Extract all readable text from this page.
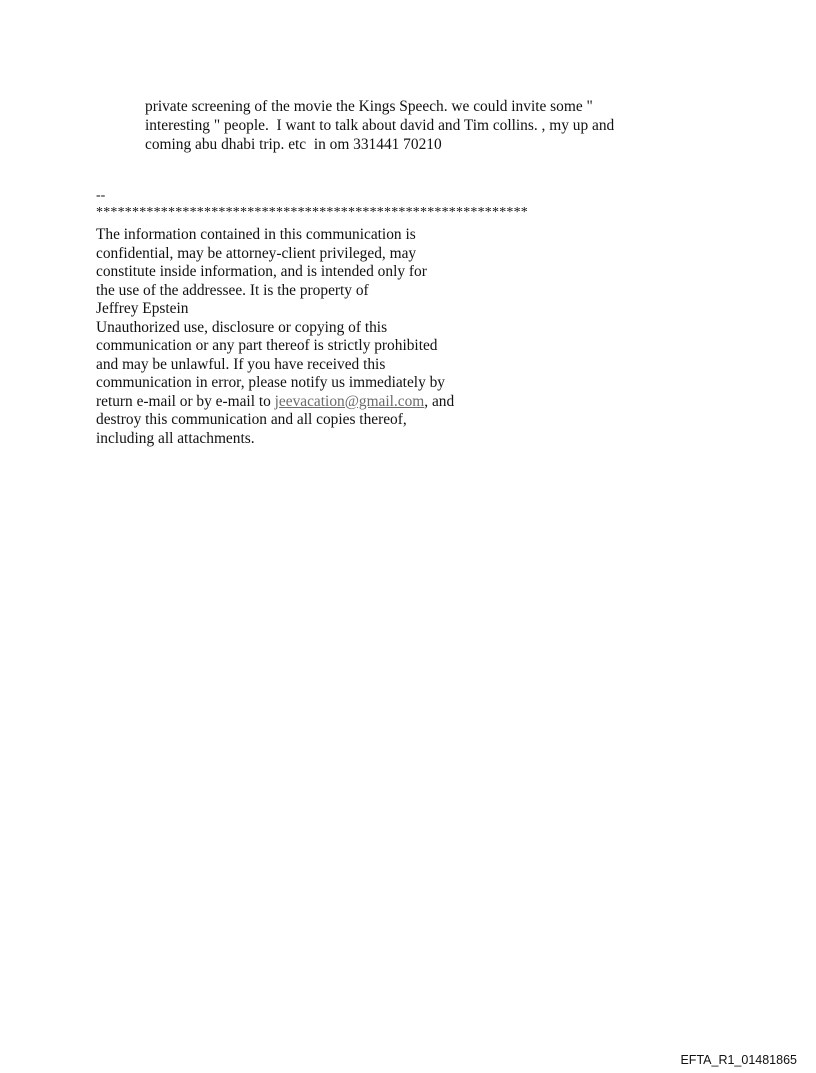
private screening of the movie the Kings Speech. we could invite some "
interesting " people.  I want to talk about david and Tim collins. , my up and
coming abu dhabi trip. etc  in om 331441 70210
--
************************************************************
The information contained in this communication is
confidential, may be attorney-client privileged, may
constitute inside information, and is intended only for
the use of the addressee. It is the property of
Jeffrey Epstein
Unauthorized use, disclosure or copying of this
communication or any part thereof is strictly prohibited
and may be unlawful. If you have received this
communication in error, please notify us immediately by
return e-mail or by e-mail to jeevacation@gmail.com, and
destroy this communication and all copies thereof,
including all attachments.
EFTA_R1_01481865
